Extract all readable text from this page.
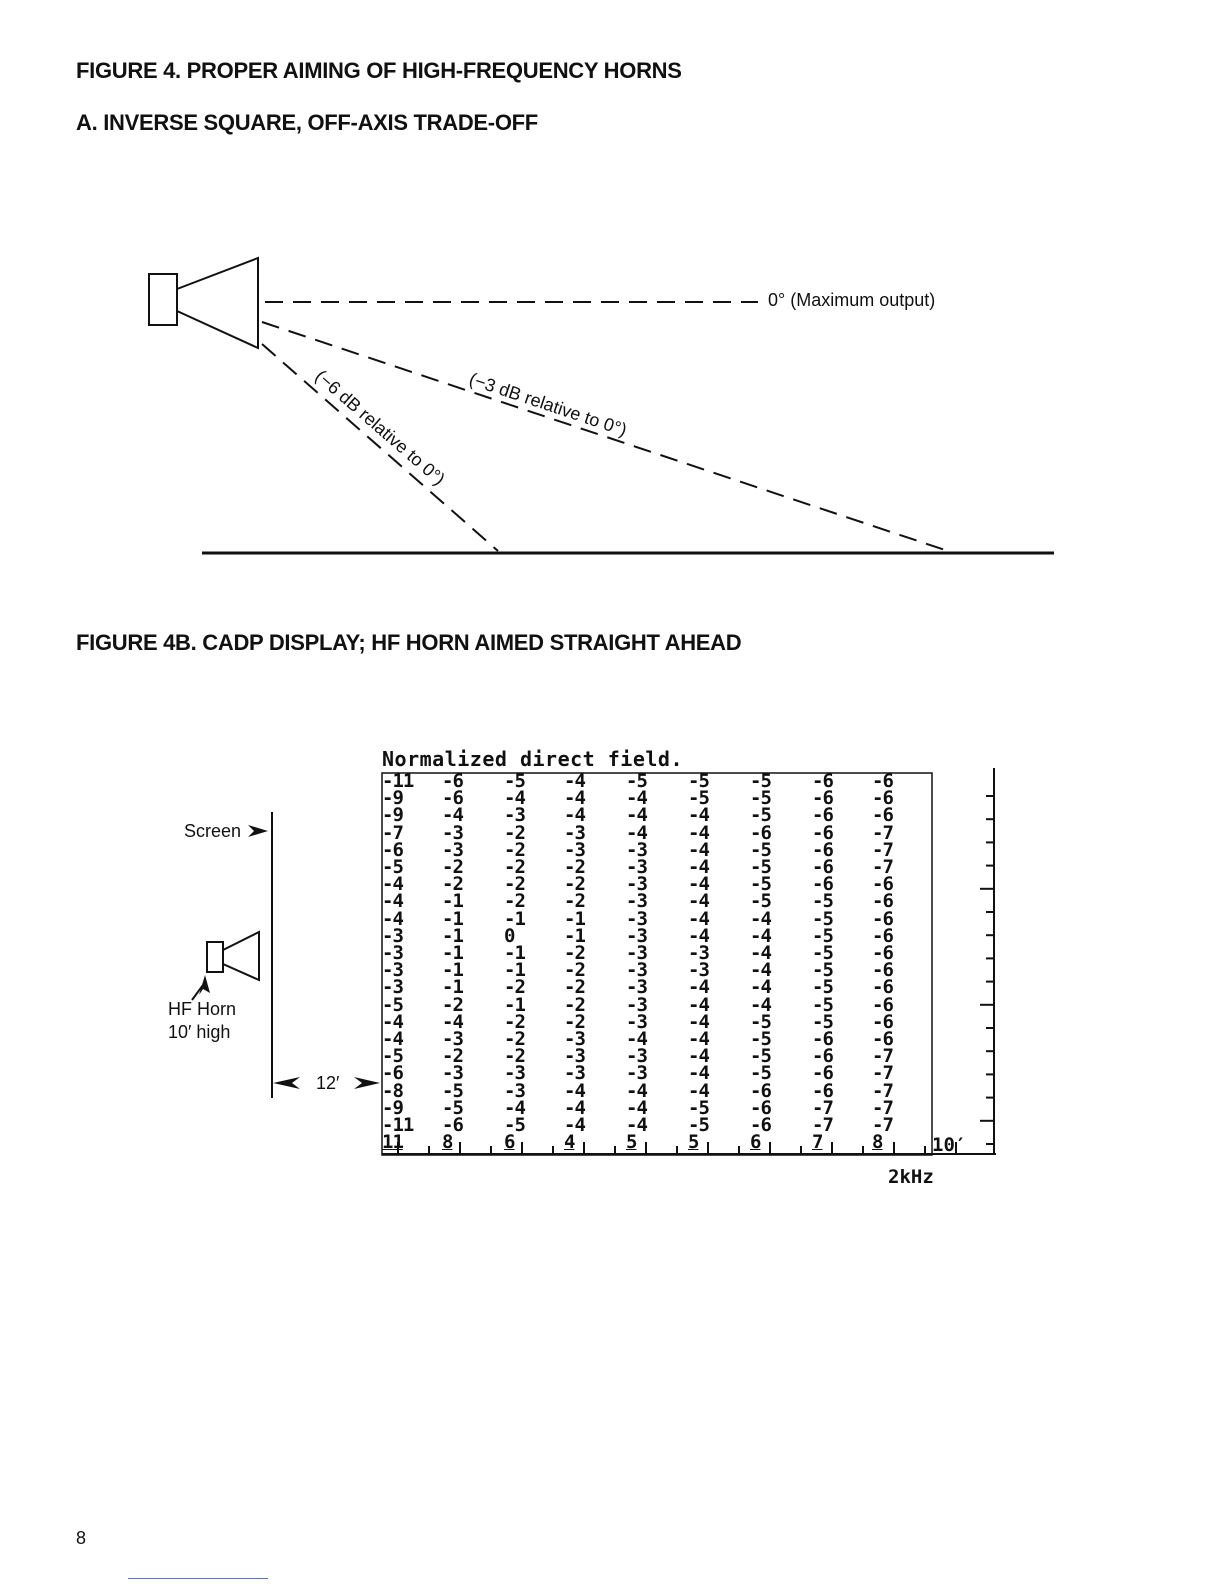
FIGURE 4. PROPER AIMING OF HIGH-FREQUENCY HORNS
A. INVERSE SQUARE, OFF-AXIS TRADE-OFF
(−3 dB relative to 0°)
(−6 dB relative to 0°)
0° (Maximum output)
FIGURE 4B. CADP DISPLAY; HF HORN AIMED STRAIGHT AHEAD
Screen
HF Horn
10′ high
12′
Normalized direct field.
-11	-6	-5	-4	-5	-5	-5	-6	-6
-9	-6	-4	-4	-4	-5	-5	-6	-6
-9	-4	-3	-4	-4	-4	-5	-6	-6
-7	-3	-2	-3	-4	-4	-6	-6	-7
-6	-3	-2	-3	-3	-4	-5	-6	-7
-5	-2	-2	-2	-3	-4	-5	-6	-7
-4	-2	-2	-2	-3	-4	-5	-6	-6
-4	-1	-2	-2	-3	-4	-5	-5	-6
-4	-1	-1	-1	-3	-4	-4	-5	-6
-3	-1	0	-1	-3	-4	-4	-5	-6
-3	-1	-1	-2	-3	-3	-4	-5	-6
-3	-1	-1	-2	-3	-3	-4	-5	-6
-3	-1	-2	-2	-3	-4	-4	-5	-6
-5	-2	-1	-2	-3	-4	-4	-5	-6
-4	-4	-2	-2	-3	-4	-5	-5	-6
-4	-3	-2	-3	-4	-4	-5	-6	-6
-5	-2	-2	-3	-3	-4	-5	-6	-7
-6	-3	-3	-3	-3	-4	-5	-6	-7
-8	-5	-3	-4	-4	-4	-6	-6	-7
-9	-5	-4	-4	-4	-5	-6	-7	-7
-11	-6	-5	-4	-4	-5	-6	-7	-7
11	8	6	4	5	5	6	7	8	10′
2kHz
8
